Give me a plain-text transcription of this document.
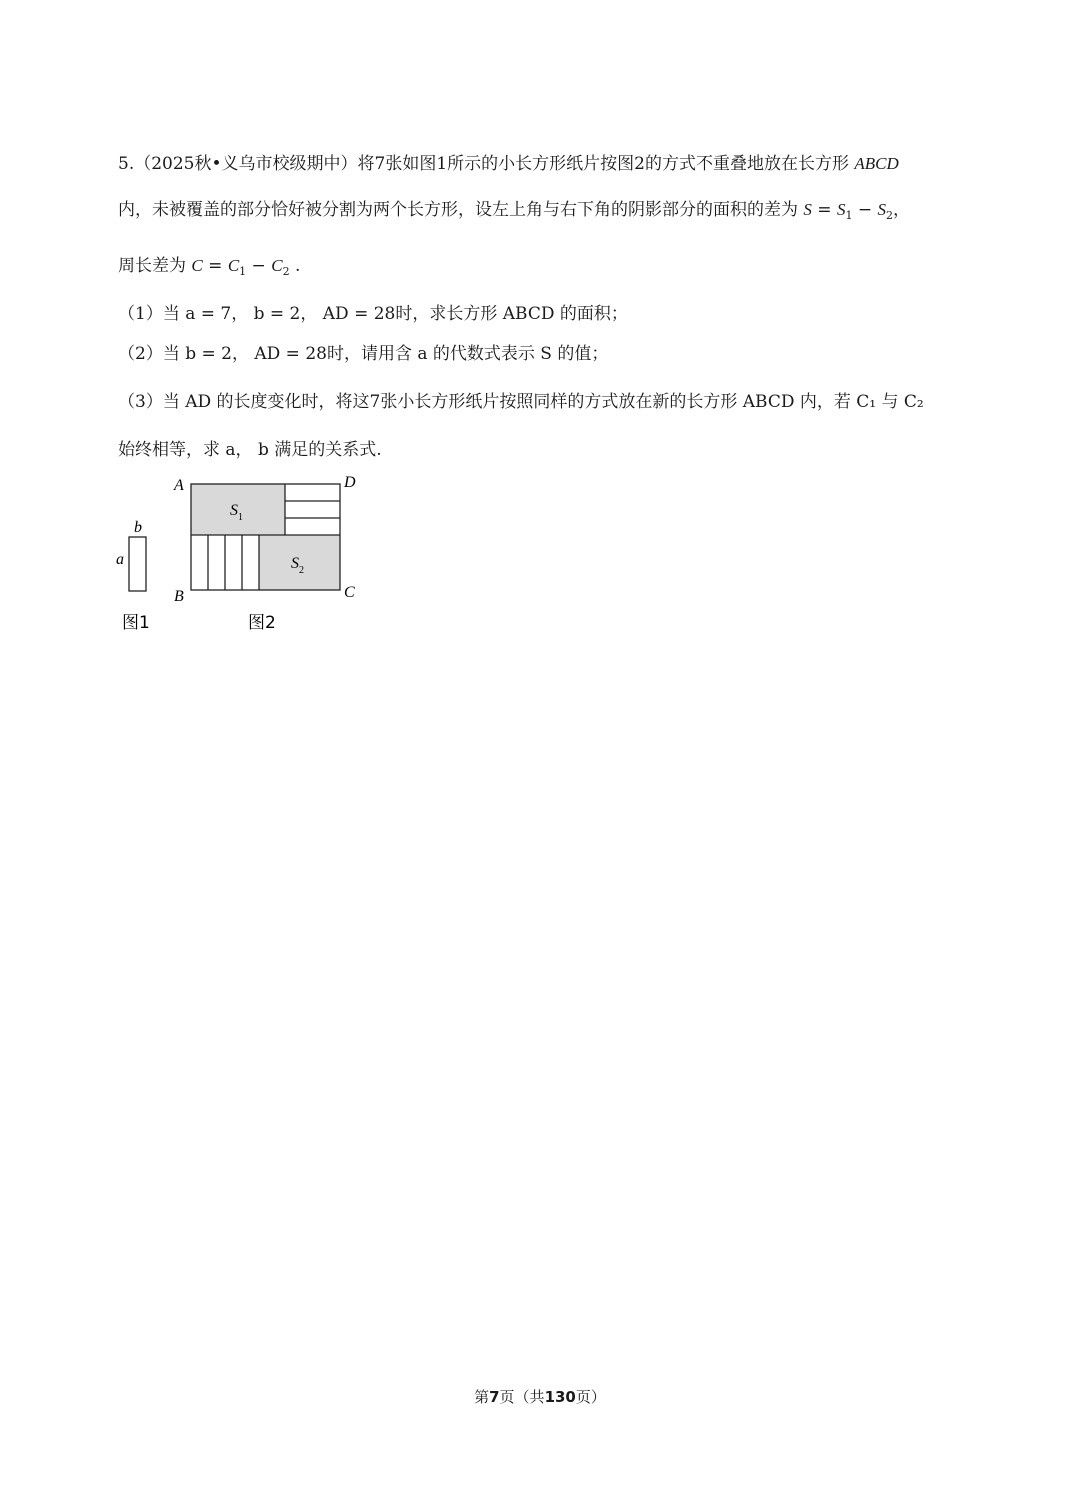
5.（2025秋•义乌市校级期中）将7张如图1所示的小长方形纸片按图2的方式不重叠地放在长方形 ABCD
内，未被覆盖的部分恰好被分割为两个长方形，设左上角与右下角的阴影部分的面积的差为 $S = S_1 - S_2$，
周长差为 $C = C_1 - C_2$ .
（1）当 a = 7， b = 2， AD = 28时，求长方形 ABCD 的面积；
（2）当 b = 2， AD = 28时，请用含 a 的代数式表示 S 的值；
（3）当 AD 的长度变化时，将这7张小长方形纸片按照同样的方式放在新的长方形 ABCD 内，若 C₁ 与 C₂
始终相等，求 a， b 满足的关系式.
b
a
图1
A	D
B	C
$S_1$
$S_2$
图2
第7页（共130页）
